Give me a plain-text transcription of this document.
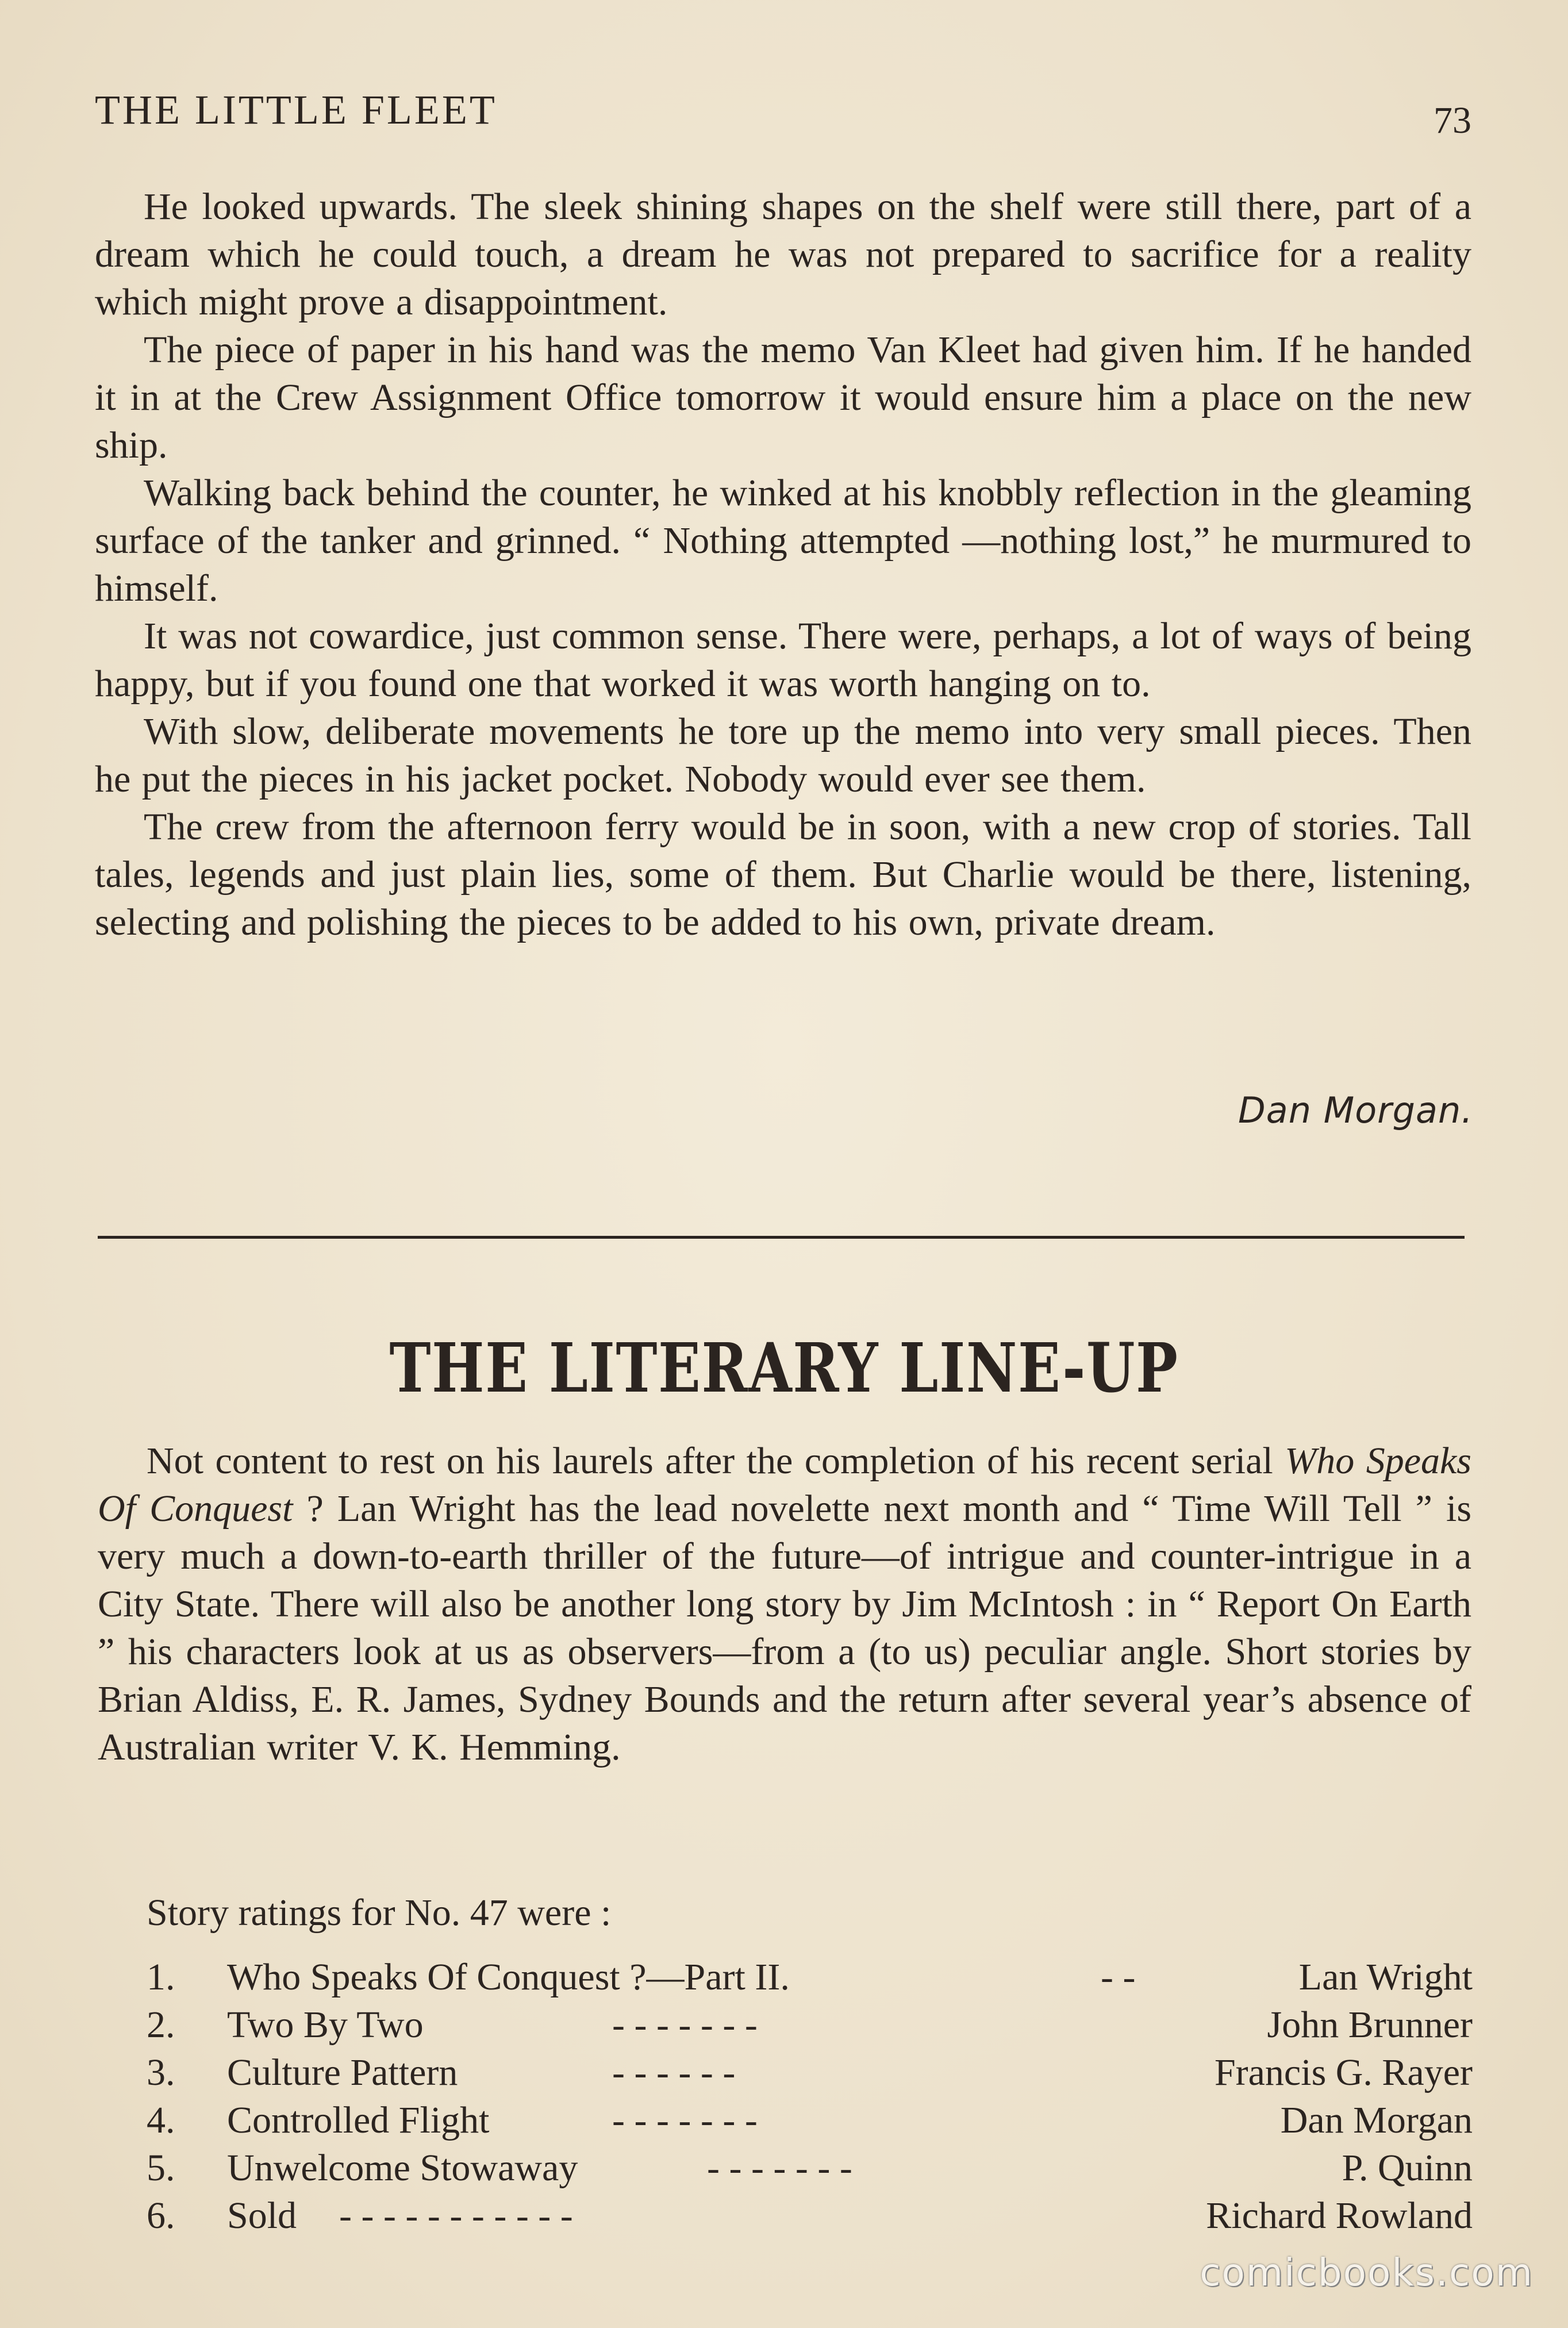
THE LITTLE FLEET	73

He looked upwards. The sleek shining shapes on the shelf were still there, part of a dream which he could touch, a dream he was not prepared to sacrifice for a reality which might prove a disappointment.

The piece of paper in his hand was the memo Van Kleet had given him. If he handed it in at the Crew Assignment Office tomorrow it would ensure him a place on the new ship.

Walking back behind the counter, he winked at his knobbly reflection in the gleaming surface of the tanker and grinned. “ Nothing attempted —nothing lost,” he murmured to himself.

It was not cowardice, just common sense. There were, perhaps, a lot of ways of being happy, but if you found one that worked it was worth hanging on to.

With slow, deliberate movements he tore up the memo into very small pieces. Then he put the pieces in his jacket pocket. Nobody would ever see them.

The crew from the afternoon ferry would be in soon, with a new crop of stories. Tall tales, legends and just plain lies, some of them. But Charlie would be there, listening, selecting and polishing the pieces to be added to his own, private dream.

Dan Morgan.
THE LITERARY LINE-UP

Not content to rest on his laurels after the completion of his recent serial Who Speaks Of Conquest ? Lan Wright has the lead novelette next month and “ Time Will Tell ” is very much a down-to-earth thriller of the future—of intrigue and counter-intrigue in a City State. There will also be another long story by Jim McIntosh : in “ Report On Earth ” his characters look at us as observers—from a (to us) peculiar angle. Short stories by Brian Aldiss, E. R. James, Sydney Bounds and the return after several year’s absence of Australian writer V. K. Hemming.

Story ratings for No. 47 were :
1. Who Speaks Of Conquest ?—Part II.	- -	Lan Wright
2. Two By Two	- - - - - - -	John Brunner
3. Culture Pattern	- - - - - -	Francis G. Rayer
4. Controlled Flight	- - - - - - -	Dan Morgan
5. Unwelcome Stowaway	- - - - - - -	P. Quinn
6. Sold - - - - - - - - - - -	Richard Rowland
comicbooks.com
